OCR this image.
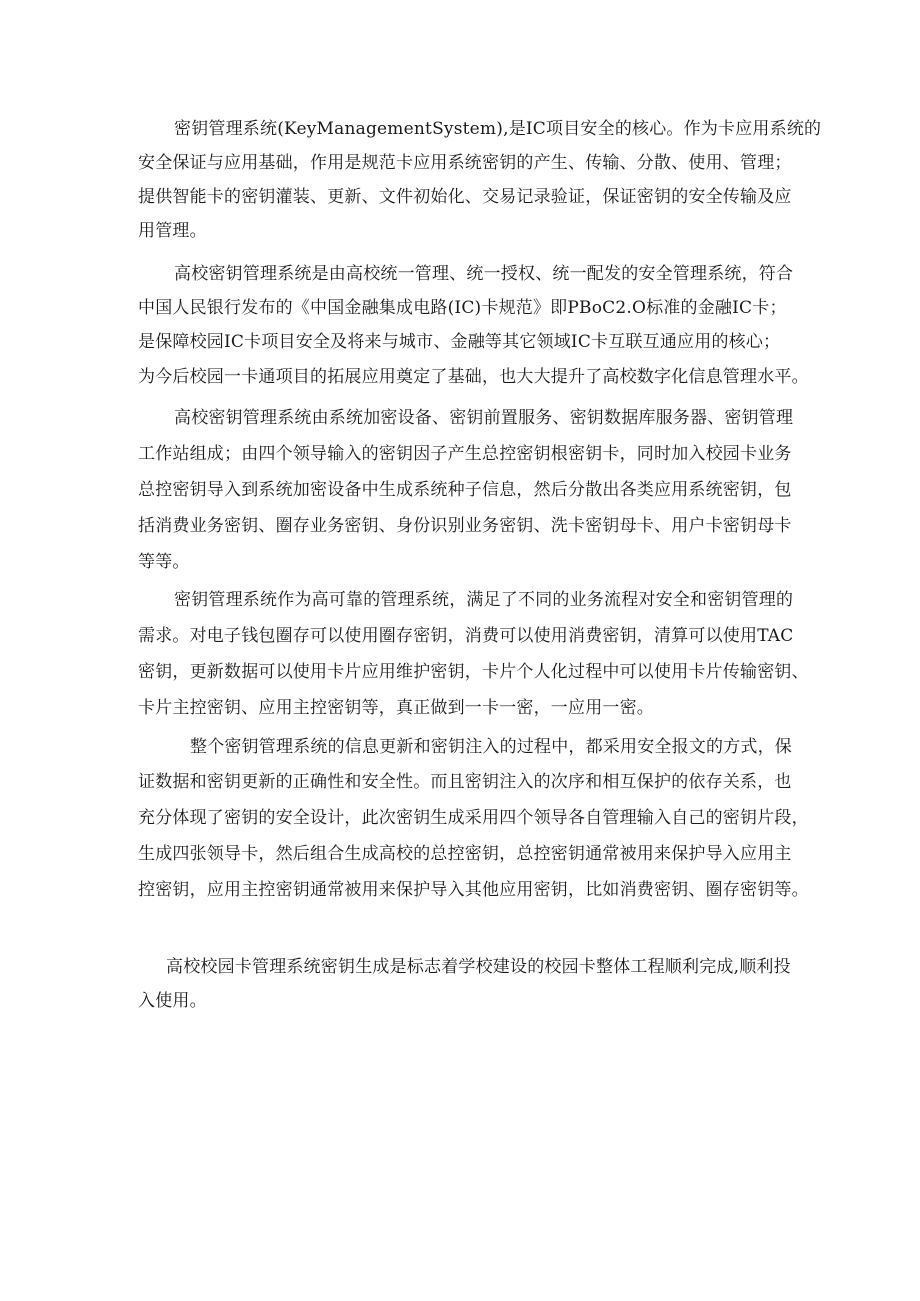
密钥管理系统(KeyManagementSystem),是IC项目安全的核心。作为卡应用系统的

安全保证与应用基础，作用是规范卡应用系统密钥的产生、传输、分散、使用、管理；

提供智能卡的密钥灌装、更新、文件初始化、交易记录验证，保证密钥的安全传输及应

用管理。

高校密钥管理系统是由高校统一管理、统一授权、统一配发的安全管理系统，符合

中国人民银行发布的《中国金融集成电路(IC)卡规范》即PBoC2.O标准的金融IC卡；

是保障校园IC卡项目安全及将来与城市、金融等其它领域IC卡互联互通应用的核心；

为今后校园一卡通项目的拓展应用奠定了基础，也大大提升了高校数字化信息管理水平。

高校密钥管理系统由系统加密设备、密钥前置服务、密钥数据库服务器、密钥管理

工作站组成；由四个领导输入的密钥因子产生总控密钥根密钥卡，同时加入校园卡业务

总控密钥导入到系统加密设备中生成系统种子信息，然后分散出各类应用系统密钥，包

括消费业务密钥、圈存业务密钥、身份识别业务密钥、洗卡密钥母卡、用户卡密钥母卡

等等。

密钥管理系统作为高可靠的管理系统，满足了不同的业务流程对安全和密钥管理的

需求。对电子钱包圈存可以使用圈存密钥，消费可以使用消费密钥，清算可以使用TAC

密钥，更新数据可以使用卡片应用维护密钥，卡片个人化过程中可以使用卡片传输密钥、

卡片主控密钥、应用主控密钥等，真正做到一卡一密，一应用一密。

整个密钥管理系统的信息更新和密钥注入的过程中，都采用安全报文的方式，保

证数据和密钥更新的正确性和安全性。而且密钥注入的次序和相互保护的依存关系，也

充分体现了密钥的安全设计，此次密钥生成采用四个领导各自管理输入自己的密钥片段，

生成四张领导卡，然后组合生成高校的总控密钥，总控密钥通常被用来保护导入应用主

控密钥，应用主控密钥通常被用来保护导入其他应用密钥，比如消费密钥、圈存密钥等。

高校校园卡管理系统密钥生成是标志着学校建设的校园卡整体工程顺利完成,顺利投

入使用。
